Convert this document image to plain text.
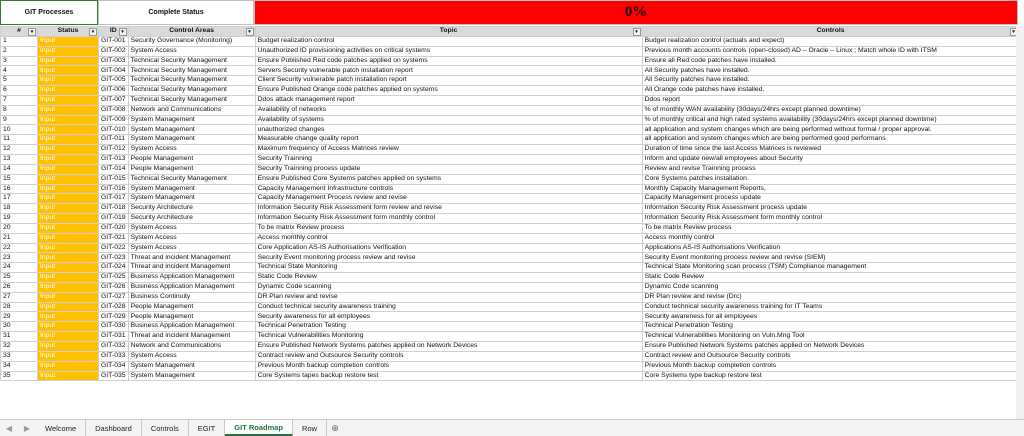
GIT Processes	Complete Status	0%
# ▾	Status ▾	ID ▾	Control Areas ▾	Topic ▾	Controls ▾

1	Input	GIT-001	Security Governance (Monitoring)	Budget realization control	Budget realization control (actuals and expect)
2	Input	GIT-002	System Access	Unauthorized ID provisioning activities on critical systems	Previous month accounts controls (open-closed) AD – Oracle – Linux ; Match whole ID with ITSM
3	Input	GIT-003	Technical Security Management	Ensure Published Red code patches applied on systems	Ensure all Red code patches have installed.
4	Input	GIT-004	Technical Security Management	Servers Security vulnerable patch installation report	All Security patches have installed.
5	Input	GIT-005	Technical Security Management	Client Security vulnerable patch installation report	All Security patches have installed.
6	Input	GIT-006	Technical Security Management	Ensure Published Orange code patches applied on systems	All Orange code patches have installed.
7	Input	GIT-007	Technical Security Management	Ddos attack management report	Ddos report
8	Input	GIT-008	Network and Communications	Availability of networks	% of monthly WAN availability (30days/24hrs except planned downtime)
9	Input	GIT-009	System Management	Availability of systems	% of monthly critical and high rated systems availability (30days/24hrs except planned downtime)
10	Input	GIT-010	System Management	unauthorized changes	all application and system changes which are being performed without formal / proper approval.
11	Input	GIT-011	System Management	Measurable change quality report	all application and system changes which are being performed good performans
12	Input	GIT-012	System Access	Maximum frequency of Access Matrices review	Duration of time since the last Access Matrices is reviewed
13	Input	GIT-013	People Management	Security Trainning	Inform and update new/all employees about Security
14	Input	GIT-014	People Management	Security Trainning process update	Review and revise Trainning process
15	Input	GIT-015	Technical Security Management	Ensure Published Core Systems patches applied on systems	Core Systems patches installation.
16	Input	GIT-016	System Management	Capacity Management Infrastructure controls	Monthly Capacity Management Reports,
17	Input	GIT-017	System Management	Capacity Management Process review and revise	Capacity Management process update
18	Input	GIT-018	Security Architecture	Information Security Risk Assessment form review and revise	Information Security Risk Assessment process update
19	Input	GIT-019	Security Architecture	Information Security Risk Assessment form monthly control	Information Security Risk Assessment form monthly control
20	Input	GIT-020	System Access	To be matrix Review process	To be matrix Review process
21	Input	GIT-021	System Access	Access monthly control	Access monthly control
22	Input	GIT-022	System Access	Core Application AS-IS Authorisations Verification	Applications AS-IS Authorisations Verification
23	Input	GIT-023	Threat and incident Management	Security Event monitoring process review and revise	Security Event monitoring process review and revise (SIEM)
24	Input	GIT-024	Threat and incident Management	Technical State Monitoring	Technical State Monitoring scan process (TSM) Compliance management
25	Input	GIT-025	Business Application Management	Static Code Review	Static Code Review
26	Input	GIT-026	Business Application Management	Dynamic Code scanning	Dynamic Code scanning
27	Input	GIT-027	Business Continuity	DR Plan review and revise	DR Plan review and revise (Drc)
28	Input	GIT-028	People Management	Conduct technical security awareness training	Conduct technical security awareness training for IT Teams
29	Input	GIT-029	People Management	Security awareness for all employees	Security awareness for all employees
30	Input	GIT-030	Business Application Management	Technical Penetration Testing	Technical Penetration Testing
31	Input	GIT-031	Threat and incident Management	Technical Vulnerabilities Monitoring	Technical Vulnerabilities Monitoring on Vuln.Mng Tool
32	Input	GIT-032	Network and Communications	Ensure Published Network Systems patches applied on Network Devices	Ensure Published Network Systems patches applied on Network Devices
33	Input	GIT-033	System Access	Contract review and Outsource Security controls	Contract review and Outsource Security controls
34	Input	GIT-034	System Management	Previous Month backup completion controls	Previous Month backup completion controls
35	Input	GIT-035	System Management	Core Systems tapes backup restore test	Core Systems type backup restore test
◀ ▶	Welcome	Dashboard	Controls	EGIT	GIT Roadmap	Row	⊕
